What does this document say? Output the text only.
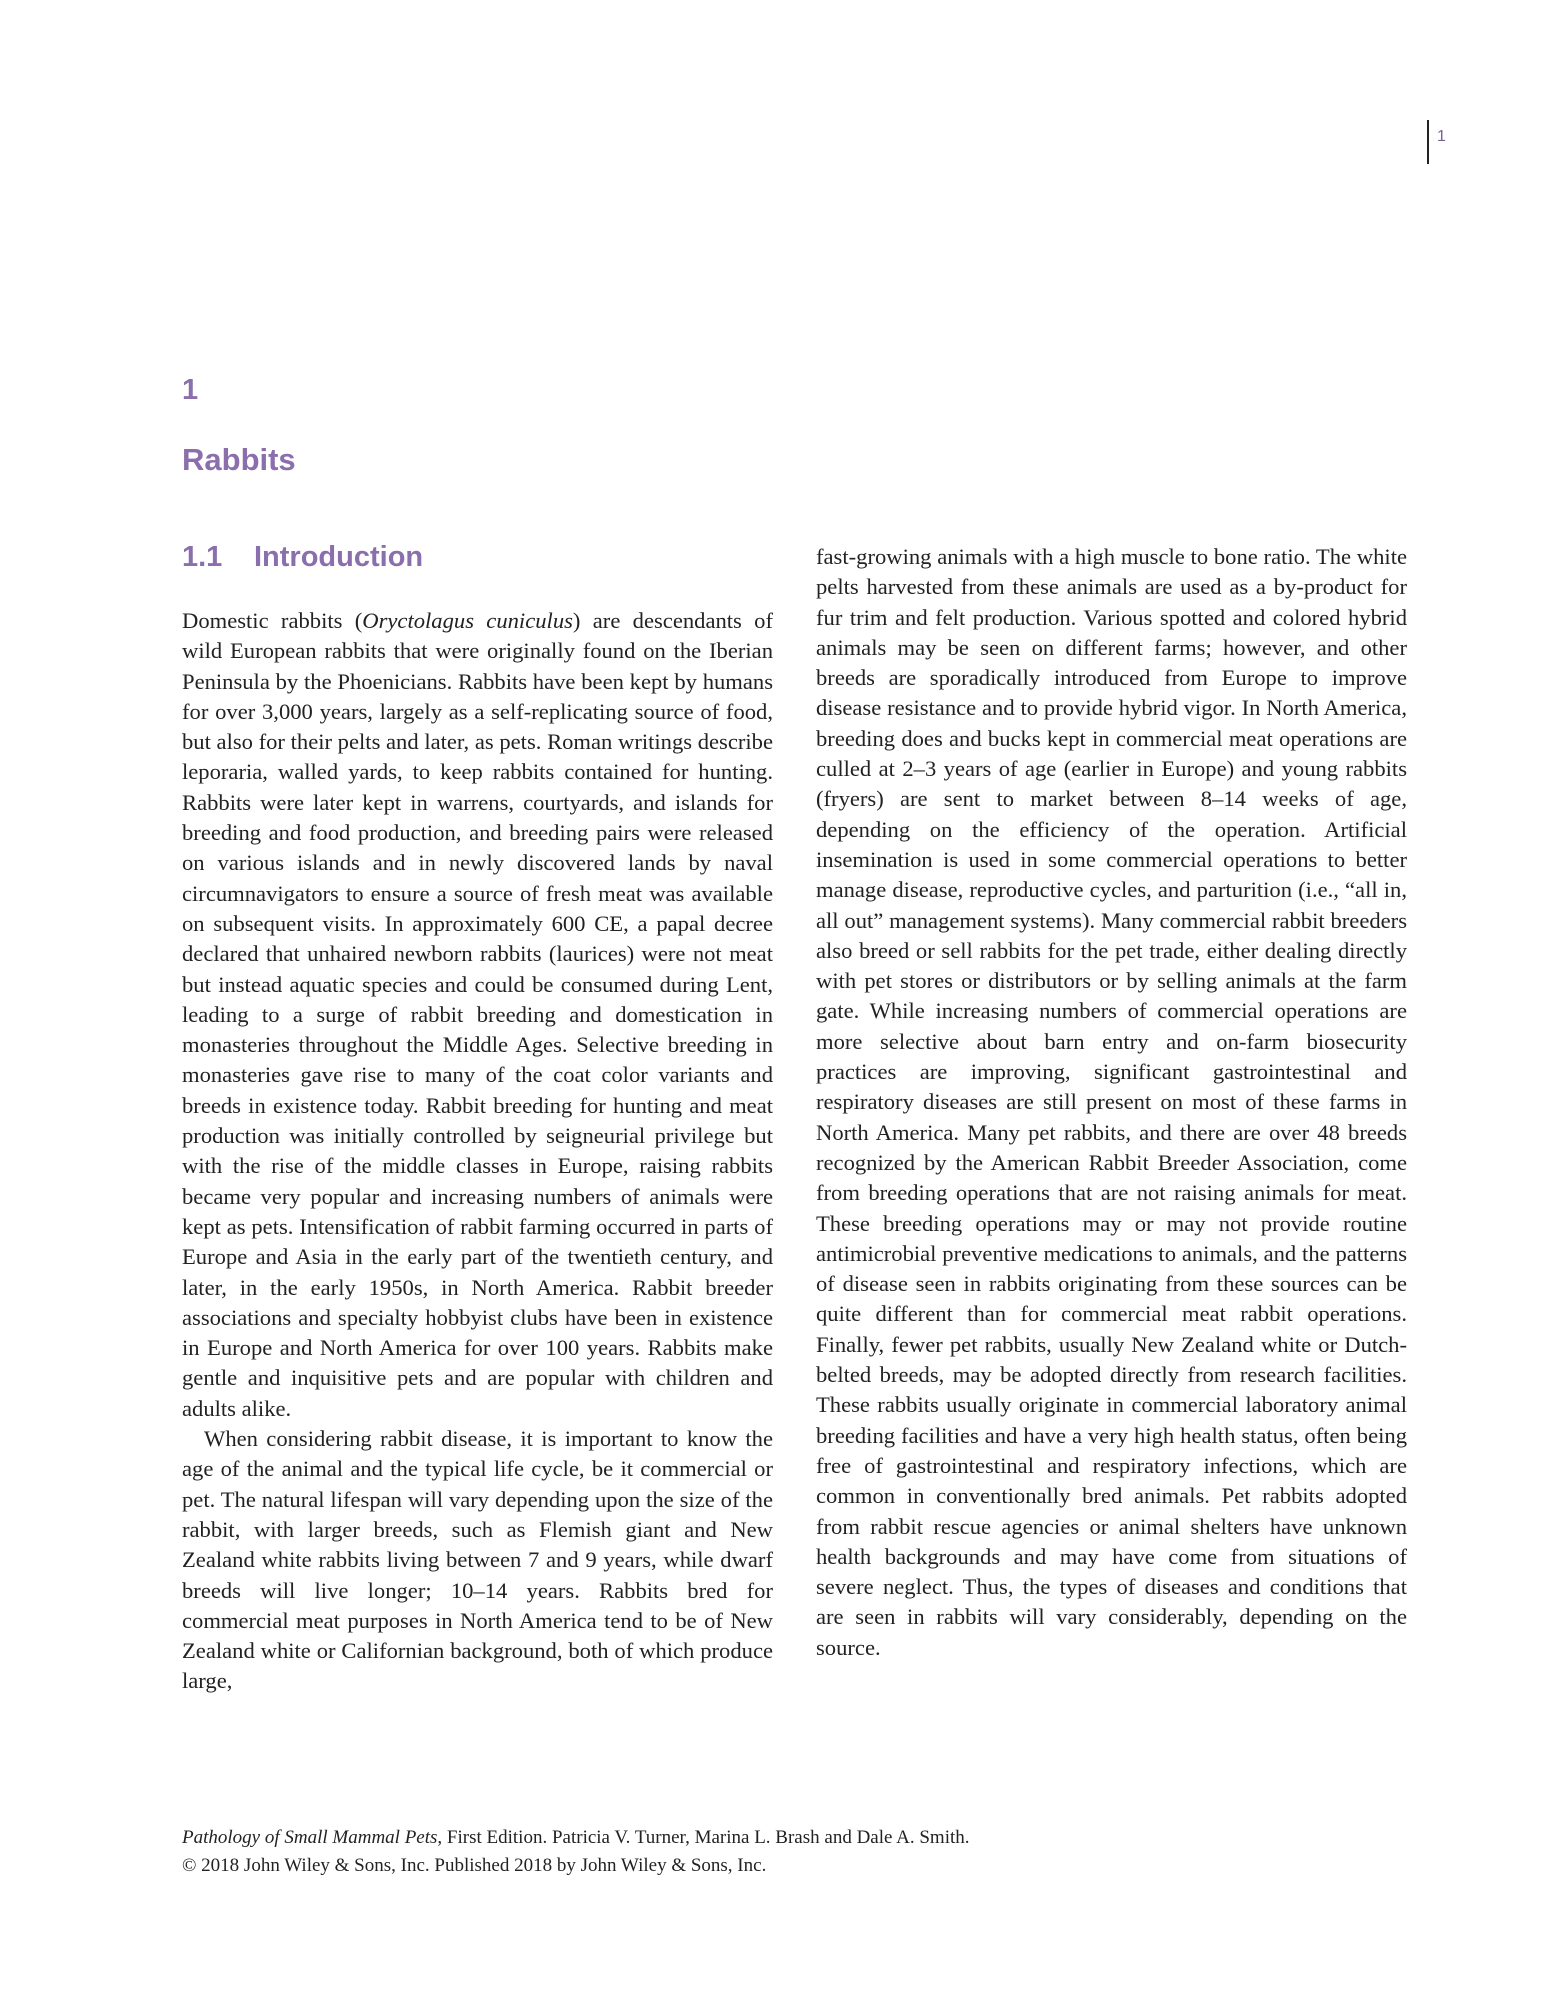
1
1
Rabbits
1.1 Introduction

Domestic rabbits (Oryctolagus cuniculus) are descendants of wild European rabbits that were originally found on the Iberian Peninsula by the Phoenicians. Rabbits have been kept by humans for over 3,000 years, largely as a self-replicating source of food, but also for their pelts and later, as pets. Roman writings describe leporaria, walled yards, to keep rabbits contained for hunting. Rabbits were later kept in warrens, courtyards, and islands for breeding and food production, and breeding pairs were released on various islands and in newly discovered lands by naval circumnavigators to ensure a source of fresh meat was available on subsequent visits. In approximately 600 CE, a papal decree declared that unhaired newborn rabbits (laurices) were not meat but instead aquatic species and could be consumed during Lent, leading to a surge of rabbit breeding and domestication in monasteries throughout the Middle Ages. Selective breeding in monasteries gave rise to many of the coat color variants and breeds in existence today. Rabbit breeding for hunting and meat production was initially controlled by seigneurial privilege but with the rise of the middle classes in Europe, raising rabbits became very popular and increasing numbers of animals were kept as pets. Intensification of rabbit farming occurred in parts of Europe and Asia in the early part of the twentieth century, and later, in the early 1950s, in North America. Rabbit breeder associations and specialty hobbyist clubs have been in existence in Europe and North America for over 100 years. Rabbits make gentle and inquisitive pets and are popular with children and adults alike.

When considering rabbit disease, it is important to know the age of the animal and the typical life cycle, be it commercial or pet. The natural lifespan will vary depending upon the size of the rabbit, with larger breeds, such as Flemish giant and New Zealand white rabbits living between 7 and 9 years, while dwarf breeds will live longer; 10–14 years. Rabbits bred for commercial meat purposes in North America tend to be of New Zealand white or Californian background, both of which produce large,

fast-growing animals with a high muscle to bone ratio. The white pelts harvested from these animals are used as a by-product for fur trim and felt production. Various spotted and colored hybrid animals may be seen on different farms; however, and other breeds are sporadically introduced from Europe to improve disease resistance and to provide hybrid vigor. In North America, breeding does and bucks kept in commercial meat operations are culled at 2–3 years of age (earlier in Europe) and young rabbits (fryers) are sent to market between 8–14 weeks of age, depending on the efficiency of the operation. Artificial insemination is used in some commercial operations to better manage disease, reproductive cycles, and parturition (i.e., “all in, all out” management systems). Many commercial rabbit breeders also breed or sell rabbits for the pet trade, either dealing directly with pet stores or distributors or by selling animals at the farm gate. While increasing numbers of commercial operations are more selective about barn entry and on-farm biosecurity practices are improving, significant gastrointestinal and respiratory diseases are still present on most of these farms in North America. Many pet rabbits, and there are over 48 breeds recognized by the American Rabbit Breeder Association, come from breeding operations that are not raising animals for meat. These breeding operations may or may not provide routine antimicrobial preventive medications to animals, and the patterns of disease seen in rabbits originating from these sources can be quite different than for commercial meat rabbit operations. Finally, fewer pet rabbits, usually New Zealand white or Dutch-belted breeds, may be adopted directly from research facilities. These rabbits usually originate in commercial laboratory animal breeding facilities and have a very high health status, often being free of gastrointestinal and respiratory infections, which are common in conventionally bred animals. Pet rabbits adopted from rabbit rescue agencies or animal shelters have unknown health backgrounds and may have come from situations of severe neglect. Thus, the types of diseases and conditions that are seen in rabbits will vary considerably, depending on the source.

Pathology of Small Mammal Pets, First Edition. Patricia V. Turner, Marina L. Brash and Dale A. Smith.
© 2018 John Wiley & Sons, Inc. Published 2018 by John Wiley & Sons, Inc.
